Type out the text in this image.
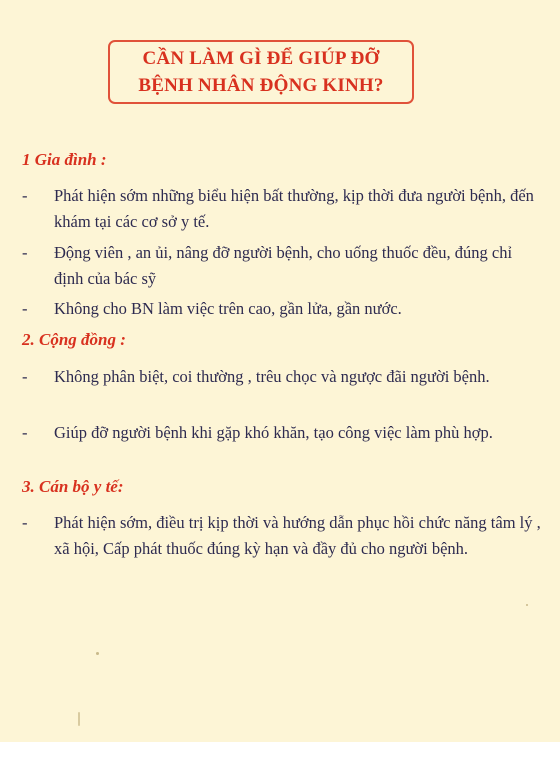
CẦN LÀM GÌ ĐỂ GIÚP ĐỠ
BỆNH NHÂN ĐỘNG KINH?
1 Gia đình :
-	Phát hiện sớm những biểu hiện bất thường, kịp thời đưa người bệnh, đến khám tại các cơ sở y tế.
-	Động viên , an ủi, nâng đỡ người bệnh, cho uống thuốc đều, đúng chỉ định của bác sỹ
-	Không cho BN làm việc trên cao, gần lửa, gần nước.
2. Cộng đồng :
-	Không phân biệt, coi thường , trêu chọc và ngược đãi người bệnh.
-	Giúp đỡ người bệnh khi gặp khó khăn, tạo công việc làm phù hợp.
3. Cán bộ y tế:
-	Phát hiện sớm, điều trị kịp thời và hướng dẫn phục hồi chức năng tâm lý , xã hội, Cấp phát thuốc đúng kỳ hạn và đầy đủ cho người bệnh.
